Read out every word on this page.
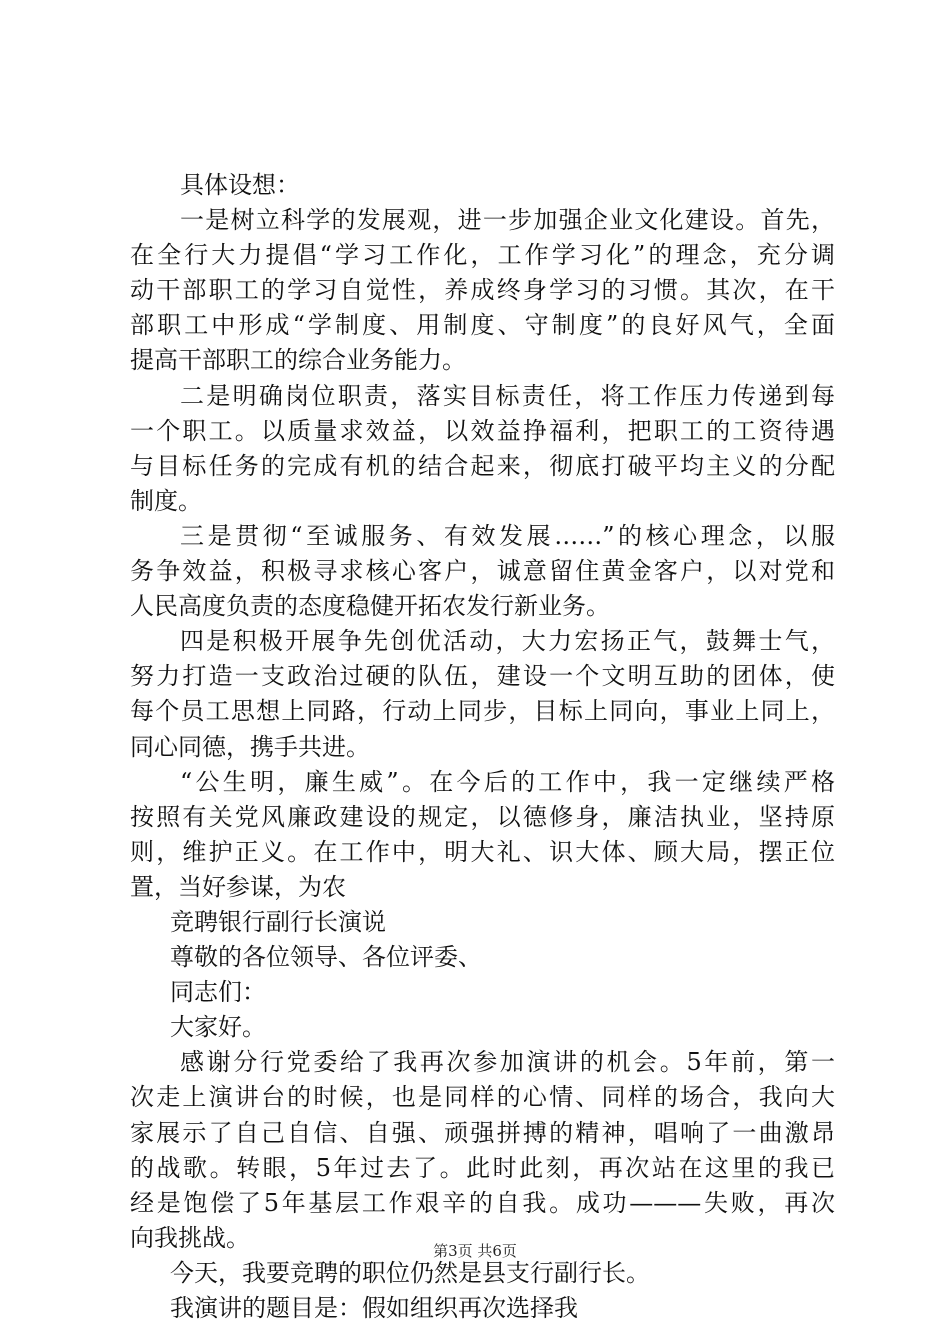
具体设想：
一是树立科学的发展观，进一步加强企业文化建设。首先，
在全行大力提倡“学习工作化，工作学习化”的理念，充分调
动干部职工的学习自觉性，养成终身学习的习惯。其次，在干
部职工中形成“学制度、用制度、守制度”的良好风气，全面
提高干部职工的综合业务能力。
二是明确岗位职责，落实目标责任，将工作压力传递到每
一个职工。以质量求效益，以效益挣福利，把职工的工资待遇
与目标任务的完成有机的结合起来，彻底打破平均主义的分配
制度。
三是贯彻“至诚服务、有效发展……”的核心理念，以服
务争效益，积极寻求核心客户，诚意留住黄金客户，以对党和
人民高度负责的态度稳健开拓农发行新业务。
四是积极开展争先创优活动，大力宏扬正气，鼓舞士气，
努力打造一支政治过硬的队伍，建设一个文明互助的团体，使
每个员工思想上同路，行动上同步，目标上同向，事业上同上，
同心同德，携手共进。
“公生明，廉生威”。在今后的工作中，我一定继续严格
按照有关党风廉政建设的规定，以德修身，廉洁执业，坚持原
则，维护正义。在工作中，明大礼、识大体、顾大局，摆正位
置，当好参谋，为农
竞聘银行副行长演说
尊敬的各位领导、各位评委、
同志们：
大家好。
感谢分行党委给了我再次参加演讲的机会。5年前，第一
次走上演讲台的时候，也是同样的心情、同样的场合，我向大
家展示了自己自信、自强、顽强拼搏的精神，唱响了一曲激昂
的战歌。转眼，5年过去了。此时此刻，再次站在这里的我已
经是饱偿了5年基层工作艰辛的自我。成功———失败，再次
向我挑战。
今天，我要竞聘的职位仍然是县支行副行长。
我演讲的题目是：假如组织再次选择我
第3页 共6页
